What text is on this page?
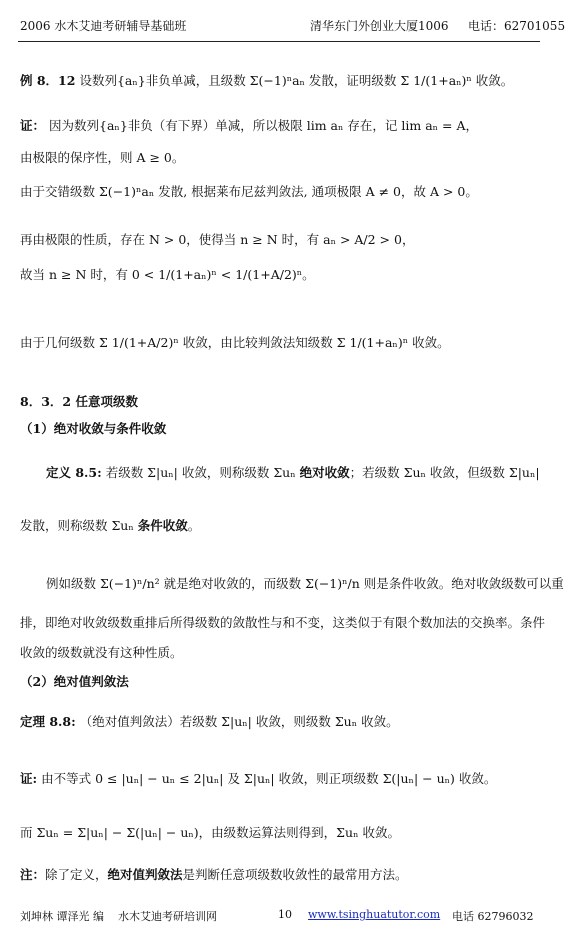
2006 水木艾迪考研辅导基础班	清华东门外创业大厦1006 电话：62701055
例 8．12 设数列{aₙ}非负单减，且级数 Σ(−1)ⁿaₙ 发散，证明级数 Σ 1/(1+aₙ)ⁿ 收敛。
证： 因为数列{aₙ}非负（有下界）单减，所以极限 lim aₙ 存在，记 lim aₙ = A，
由极限的保序性，则 A ≥ 0。
由于交错级数 Σ(−1)ⁿaₙ 发散, 根据莱布尼兹判敛法, 通项极限 A ≠ 0，故 A > 0。
再由极限的性质，存在 N > 0，使得当 n ≥ N 时，有 aₙ > A/2 > 0，
故当 n ≥ N 时，有 0 < 1/(1+aₙ)ⁿ < 1/(1+A/2)ⁿ。
由于几何级数 Σ 1/(1+A/2)ⁿ 收敛，由比较判敛法知级数 Σ 1/(1+aₙ)ⁿ 收敛。
8．3．2 任意项级数
（1）绝对收敛与条件收敛
定义 8.5: 若级数 Σ|uₙ| 收敛，则称级数 Σuₙ 绝对收敛；若级数 Σuₙ 收敛，但级数 Σ|uₙ|
发散，则称级数 Σuₙ 条件收敛。
例如级数 Σ(−1)ⁿ/n² 就是绝对收敛的，而级数 Σ(−1)ⁿ/n 则是条件收敛。绝对收敛级数可以重
排，即绝对收敛级数重排后所得级数的敛散性与和不变，这类似于有限个数加法的交换率。条件
收敛的级数就没有这种性质。
（2）绝对值判敛法
定理 8.8: （绝对值判敛法）若级数 Σ|uₙ| 收敛，则级数 Σuₙ 收敛。
证: 由不等式 0 ≤ |uₙ| − uₙ ≤ 2|uₙ| 及 Σ|uₙ| 收敛，则正项级数 Σ(|uₙ| − uₙ) 收敛。
而 Σuₙ = Σ|uₙ| − Σ(|uₙ| − uₙ)，由级数运算法则得到，Σuₙ 收敛。
注：除了定义，绝对值判敛法是判断任意项级数收敛性的最常用方法。
刘坤林 谭泽光 编 水木艾迪考研培训网	10 www.tsinghuatutor.com 电话 62796032
